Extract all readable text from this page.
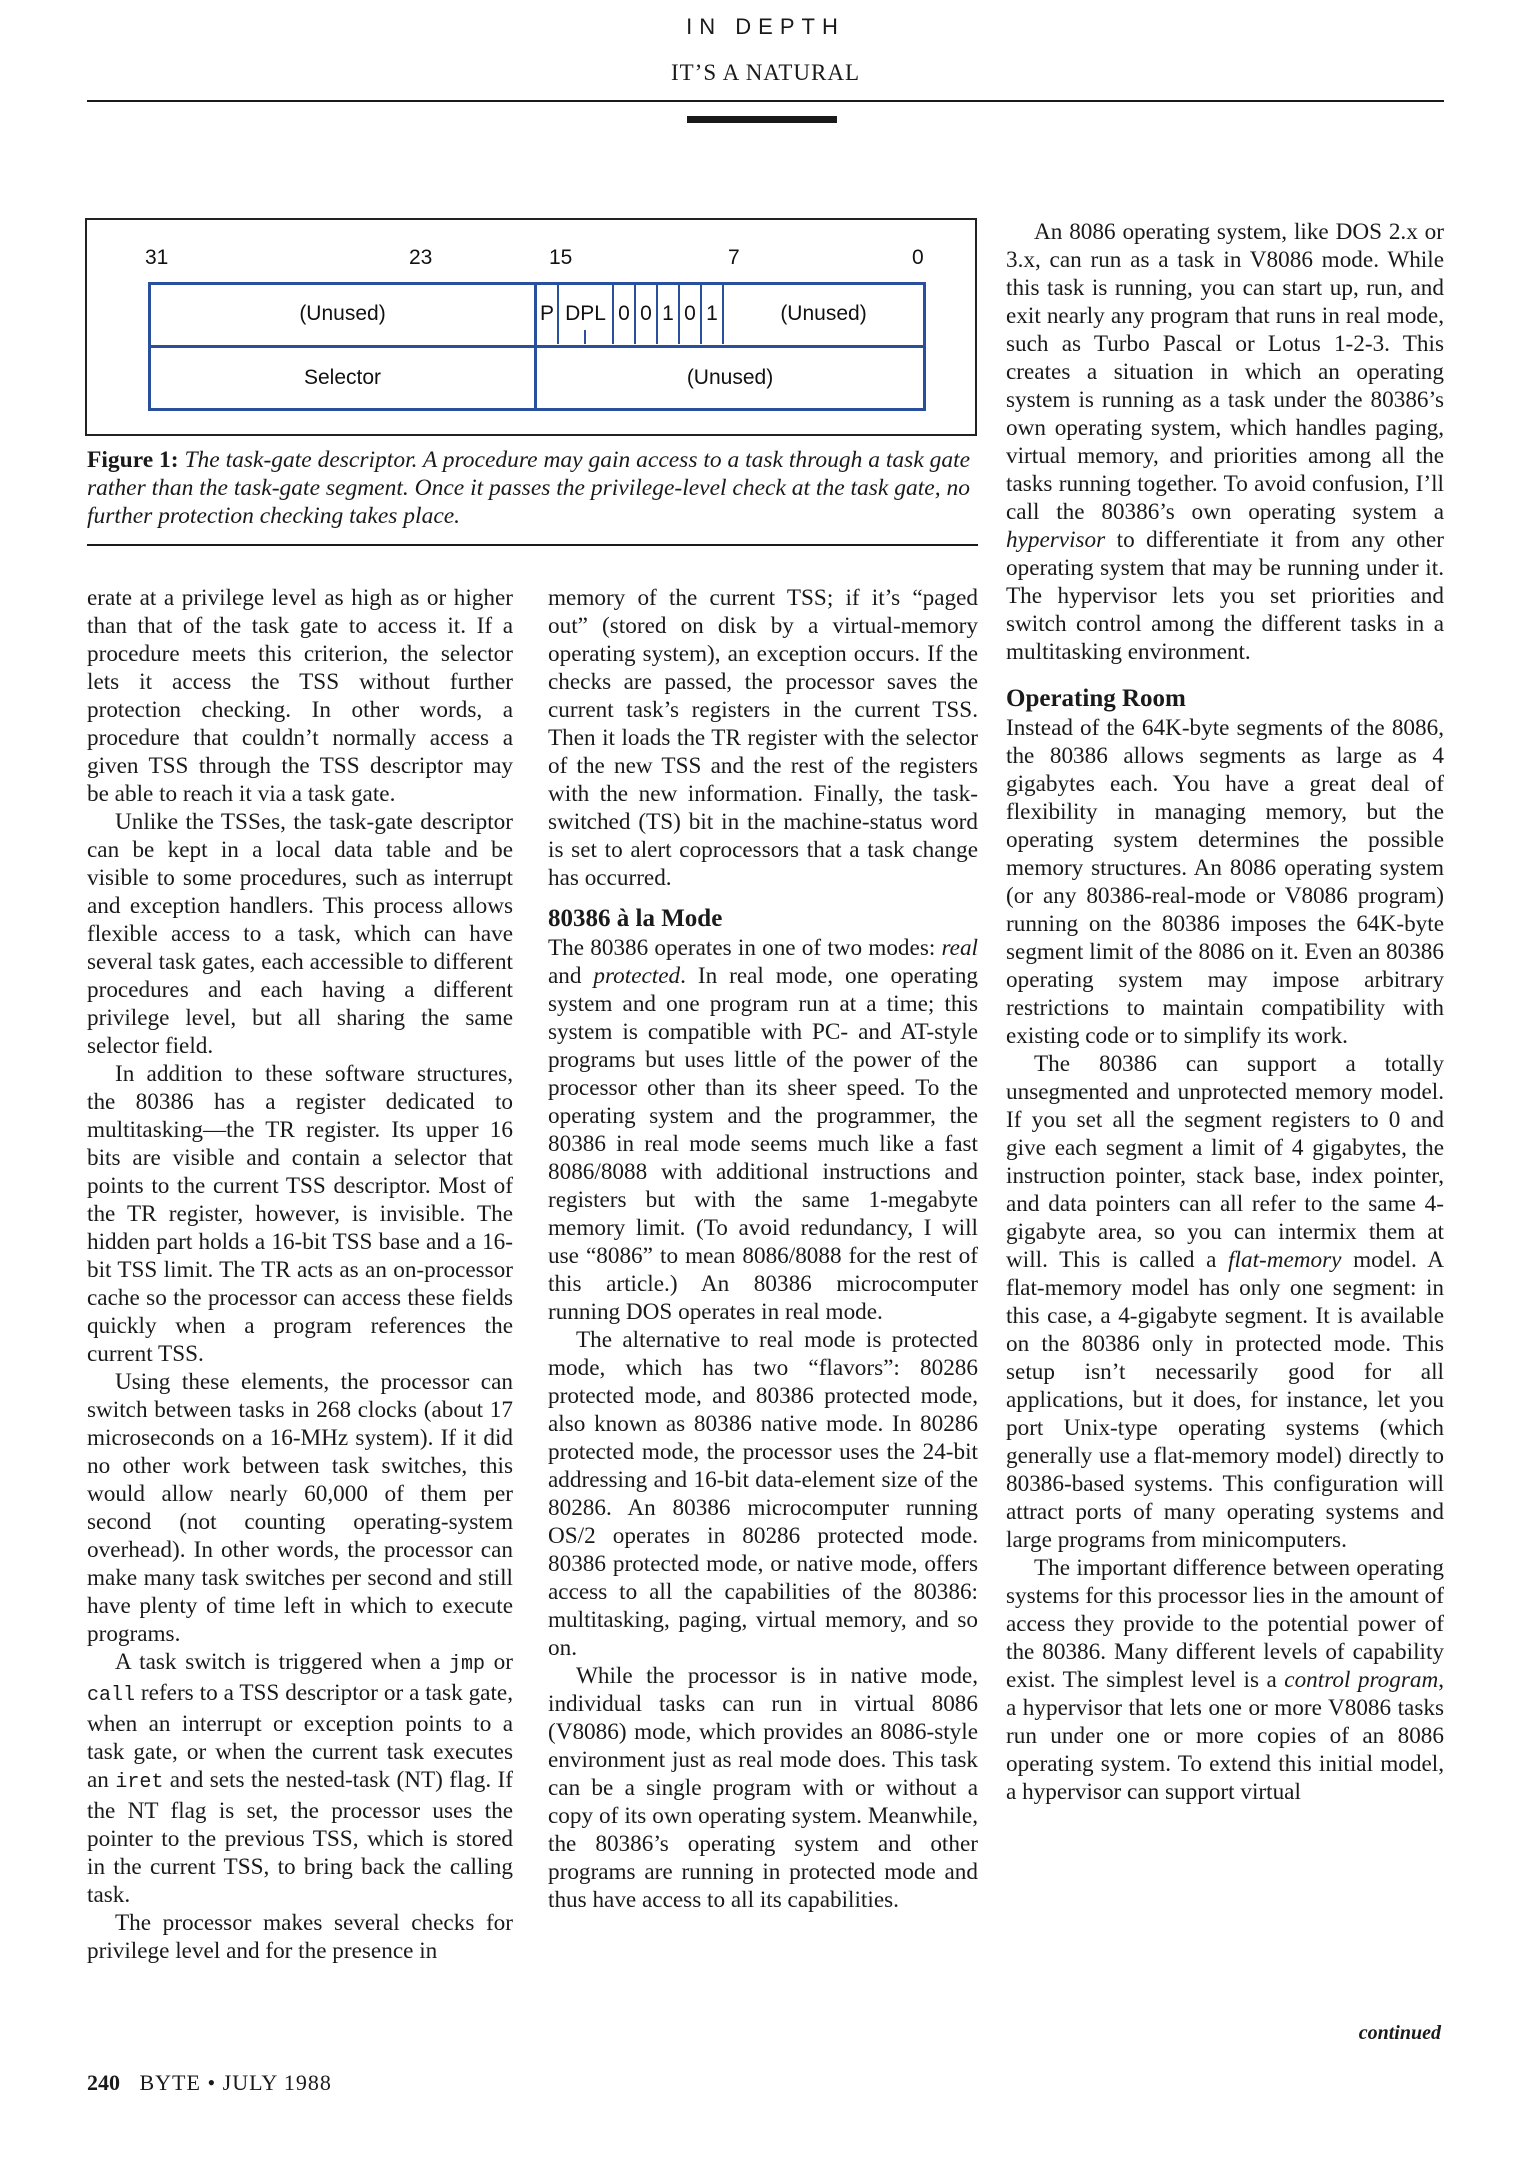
IN DEPTH
IT’S A NATURAL
31	23	15	7	0
(Unused)	P DPL 0 0 1 0 1	(Unused)
Selector	(Unused)
Figure 1: The task-gate descriptor. A procedure may gain access to a task through a task gate rather than the task-gate segment. Once it passes the privilege-level check at the task gate, no further protection checking takes place.

erate at a privilege level as high as or higher than that of the task gate to access it. If a procedure meets this criterion, the selector lets it access the TSS without further protection checking. In other words, a procedure that couldn’t normally access a given TSS through the TSS descriptor may be able to reach it via a task gate.

Unlike the TSSes, the task-gate descriptor can be kept in a local data table and be visible to some procedures, such as interrupt and exception handlers. This process allows flexible access to a task, which can have several task gates, each accessible to different procedures and each having a different privilege level, but all sharing the same selector field.

In addition to these software structures, the 80386 has a register dedicated to multitasking—the TR register. Its upper 16 bits are visible and contain a selector that points to the current TSS descriptor. Most of the TR register, however, is invisible. The hidden part holds a 16-bit TSS base and a 16-bit TSS limit. The TR acts as an on-processor cache so the processor can access these fields quickly when a program references the current TSS.

Using these elements, the processor can switch between tasks in 268 clocks (about 17 microseconds on a 16-MHz system). If it did no other work between task switches, this would allow nearly 60,000 of them per second (not counting operating-system overhead). In other words, the processor can make many task switches per second and still have plenty of time left in which to execute programs.

A task switch is triggered when a jmp or call refers to a TSS descriptor or a task gate, when an interrupt or exception points to a task gate, or when the current task executes an iret and sets the nested-task (NT) flag. If the NT flag is set, the processor uses the pointer to the previous TSS, which is stored in the current TSS, to bring back the calling task.

The processor makes several checks for privilege level and for the presence in

memory of the current TSS; if it’s “paged out” (stored on disk by a virtual-memory operating system), an exception occurs. If the checks are passed, the processor saves the current task’s registers in the current TSS. Then it loads the TR register with the selector of the new TSS and the rest of the registers with the new information. Finally, the task-switched (TS) bit in the machine-status word is set to alert coprocessors that a task change has occurred.

80386 à la Mode

The 80386 operates in one of two modes: real and protected. In real mode, one operating system and one program run at a time; this system is compatible with PC- and AT-style programs but uses little of the power of the processor other than its sheer speed. To the operating system and the programmer, the 80386 in real mode seems much like a fast 8086/8088 with additional instructions and registers but with the same 1-megabyte memory limit. (To avoid redundancy, I will use “8086” to mean 8086/8088 for the rest of this article.) An 80386 microcomputer running DOS operates in real mode.

The alternative to real mode is protected mode, which has two “flavors”: 80286 protected mode, and 80386 protected mode, also known as 80386 native mode. In 80286 protected mode, the processor uses the 24-bit addressing and 16-bit data-element size of the 80286. An 80386 microcomputer running OS/2 operates in 80286 protected mode. 80386 protected mode, or native mode, offers access to all the capabilities of the 80386: multitasking, paging, virtual memory, and so on.

While the processor is in native mode, individual tasks can run in virtual 8086 (V8086) mode, which provides an 8086-style environment just as real mode does. This task can be a single program with or without a copy of its own operating system. Meanwhile, the 80386’s operating system and other programs are running in protected mode and thus have access to all its capabilities.

An 8086 operating system, like DOS 2.x or 3.x, can run as a task in V8086 mode. While this task is running, you can start up, run, and exit nearly any program that runs in real mode, such as Turbo Pascal or Lotus 1-2-3. This creates a situation in which an operating system is running as a task under the 80386’s own operating system, which handles paging, virtual memory, and priorities among all the tasks running together. To avoid confusion, I’ll call the 80386’s own operating system a hypervisor to differentiate it from any other operating system that may be running under it. The hypervisor lets you set priorities and switch control among the different tasks in a multitasking environment.

Operating Room

Instead of the 64K-byte segments of the 8086, the 80386 allows segments as large as 4 gigabytes each. You have a great deal of flexibility in managing memory, but the operating system determines the possible memory structures. An 8086 operating system (or any 80386-real-mode or V8086 program) running on the 80386 imposes the 64K-byte segment limit of the 8086 on it. Even an 80386 operating system may impose arbitrary restrictions to maintain compatibility with existing code or to simplify its work.

The 80386 can support a totally unsegmented and unprotected memory model. If you set all the segment registers to 0 and give each segment a limit of 4 gigabytes, the instruction pointer, stack base, index pointer, and data pointers can all refer to the same 4-gigabyte area, so you can intermix them at will. This is called a flat-memory model. A flat-memory model has only one segment: in this case, a 4-gigabyte segment. It is available on the 80386 only in protected mode. This setup isn’t necessarily good for all applications, but it does, for instance, let you port Unix-type operating systems (which generally use a flat-memory model) directly to 80386-based systems. This configuration will attract ports of many operating systems and large programs from minicomputers.

The important difference between operating systems for this processor lies in the amount of access they provide to the potential power of the 80386. Many different levels of capability exist. The simplest level is a control program, a hypervisor that lets one or more V8086 tasks run under one or more copies of an 8086 operating system. To extend this initial model, a hypervisor can support virtual

continued
240 BYTE • JULY 1988
